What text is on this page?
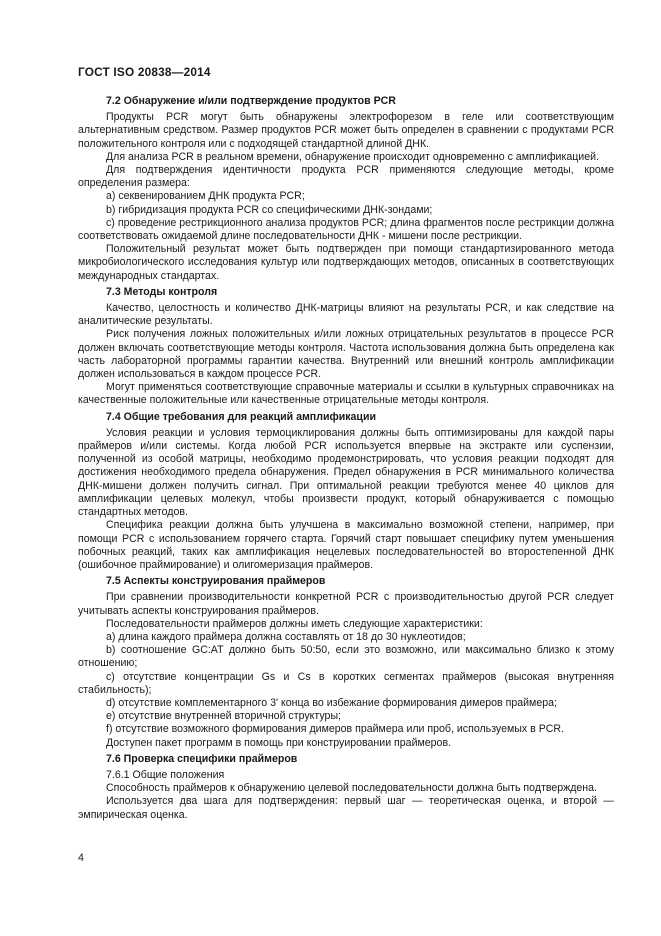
ГОСТ ISO 20838—2014

7.2 Обнаружение и/или подтверждение продуктов PCR

Продукты PCR могут быть обнаружены электрофорезом в геле или соответствующим альтернативным средством. Размер продуктов PCR может быть определен в сравнении с продуктами PCR положительного контроля или с подходящей стандартной длиной ДНК.

Для анализа PCR в реальном времени, обнаружение происходит одновременно с амплификацией.

Для подтверждения идентичности продукта PCR применяются следующие методы, кроме определения размера:

а) секвенированием ДНК продукта PCR;

b) гибридизация продукта PCR со специфическими ДНК-зондами;

с) проведение рестрикционного анализа продуктов PCR; длина фрагментов после рестрикции должна соответствовать ожидаемой длине последовательности ДНК - мишени после рестрикции.

Положительный результат может быть подтвержден при помощи стандартизированного метода микробиологического исследования культур или подтверждающих методов, описанных в соответствующих международных стандартах.

7.3 Методы контроля

Качество, целостность и количество ДНК-матрицы влияют на результаты PCR, и как следствие на аналитические результаты.

Риск получения ложных положительных и/или ложных отрицательных результатов в процессе PCR должен включать соответствующие методы контроля. Частота использования должна быть определена как часть лабораторной программы гарантии качества. Внутренний или внешний контроль амплификации должен использоваться в каждом процессе PCR.

Могут применяться соответствующие справочные материалы и ссылки в культурных справочниках на качественные положительные или качественные отрицательные методы контроля.

7.4 Общие требования для реакций амплификации

Условия реакции и условия термоциклирования должны быть оптимизированы для каждой пары праймеров и/или системы. Когда любой PCR используется впервые на экстракте или суспензии, полученной из особой матрицы, необходимо продемонстрировать, что условия реакции подходят для достижения необходимого предела обнаружения. Предел обнаружения в PCR минимального количества ДНК-мишени должен получить сигнал. При оптимальной реакции требуются менее 40 циклов для амплификации целевых молекул, чтобы произвести продукт, который обнаруживается с помощью стандартных методов.

Специфика реакции должна быть улучшена в максимально возможной степени, например, при помощи PCR с использованием горячего старта. Горячий старт повышает специфику путем уменьшения побочных реакций, таких как амплификация нецелевых последовательностей во второстепенной ДНК (ошибочное праймирование) и олигомеризация праймеров.

7.5 Аспекты конструирования праймеров

При сравнении производительности конкретной PCR с производительностью другой PCR следует учитывать аспекты конструирования праймеров.

Последовательности праймеров должны иметь следующие характеристики:

а) длина каждого праймера должна составлять от 18 до 30 нуклеотидов;

b) соотношение GC:AT должно быть 50:50, если это возможно, или максимально близко к этому отношению;

с) отсутствие концентрации Gs и Cs в коротких сегментах праймеров (высокая внутренняя стабильность);

d) отсутствие комплементарного 3' конца во избежание формирования димеров праймера;

е) отсутствие внутренней вторичной структуры;

f) отсутствие возможного формирования димеров праймера или проб, используемых в PCR.

Доступен пакет программ в помощь при конструировании праймеров.

7.6 Проверка специфики праймеров

7.6.1 Общие положения

Способность праймеров к обнаружению целевой последовательности должна быть подтверждена.

Используется два шага для подтверждения: первый шаг — теоретическая оценка, и второй — эмпирическая оценка.

4
